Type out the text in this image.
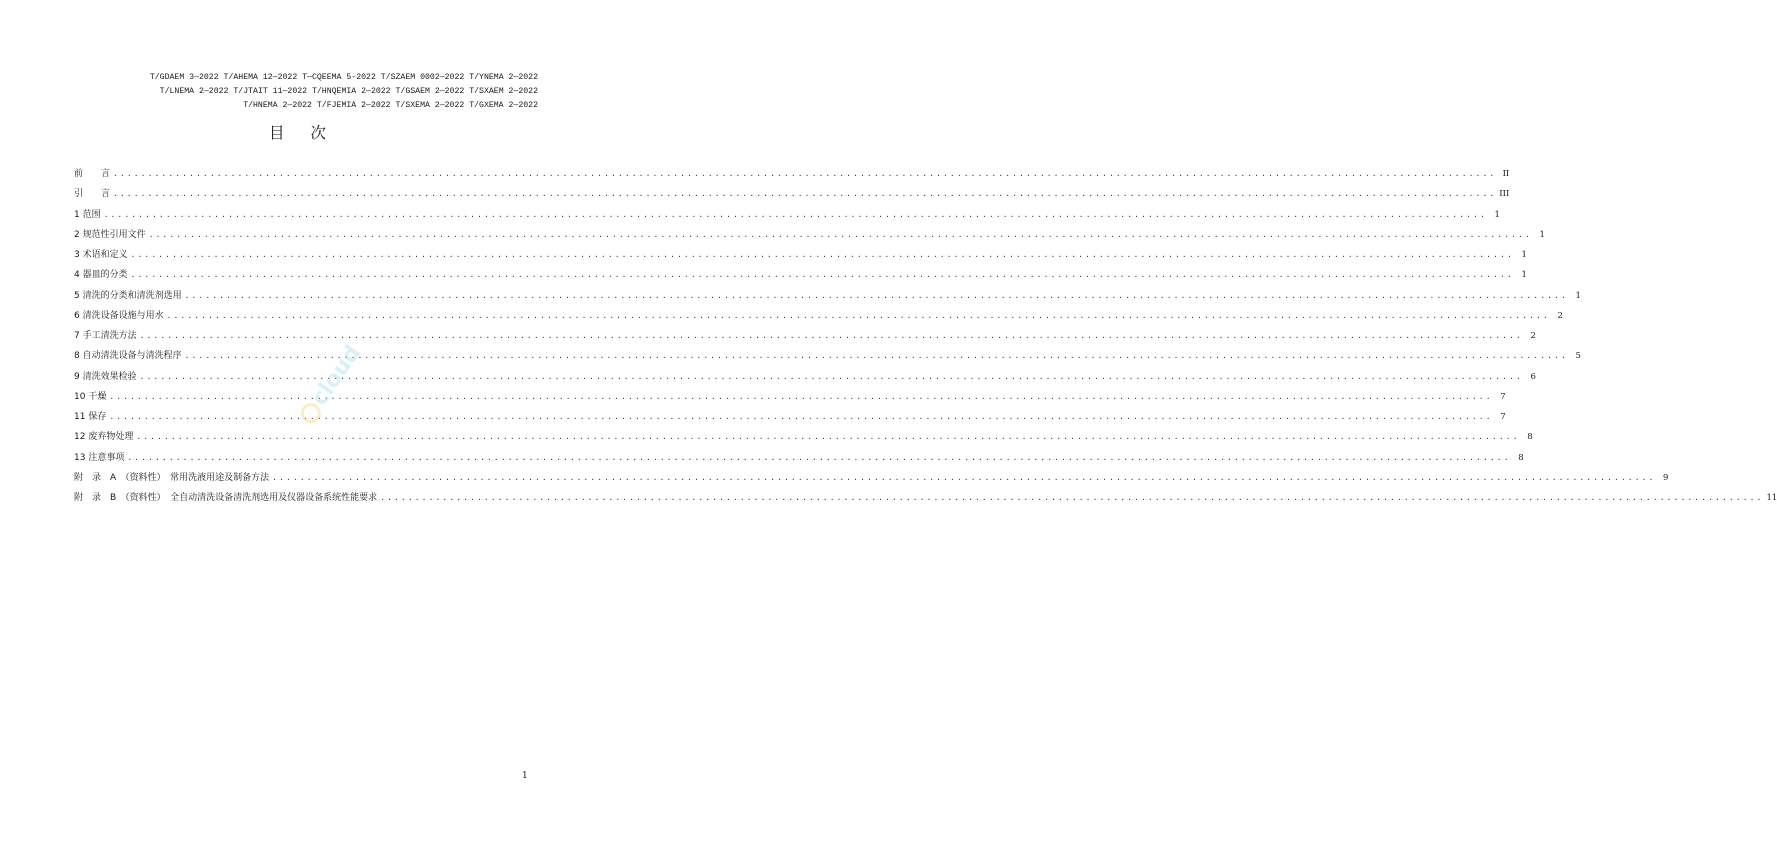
T/GDAEM 3—2022 T/AHEMA 12—2022 T—CQEEMA 5-2022 T/SZAEM 0002—2022 T/YNEMA 2—2022
T/LNEMA 2—2022 T/JTAIT 11—2022 T/HNQEMIA 2—2022 T/GSAEM 2—2022 T/SXAEM 2—2022
T/HNEMA 2—2022 T/FJEMIA 2—2022 T/SXEMA 2—2022 T/GXEMA 2—2022
目次
前　　言 ........................................................................................................................................................................................................ II
引　　言 ........................................................................................................................................................................................................ III
1 范围 ........................................................................................................................................................................................................ 1
2 规范性引用文件 ........................................................................................................................................................................................................ 1
3 术语和定义 ........................................................................................................................................................................................................ 1
4 器皿的分类 ........................................................................................................................................................................................................ 1
5 清洗的分类和清洗剂选用 ........................................................................................................................................................................................................ 1
6 清洗设备设施与用水 ........................................................................................................................................................................................................ 2
7 手工清洗方法 ........................................................................................................................................................................................................ 2
8 自动清洗设备与清洗程序 ........................................................................................................................................................................................................ 5
9 清洗效果检验 ........................................................................................................................................................................................................ 6
10 干燥 ........................................................................................................................................................................................................ 7
11 保存 ........................................................................................................................................................................................................ 7
12 废弃物处理 ........................................................................................................................................................................................................ 8
13 注意事项 ........................................................................................................................................................................................................ 8
附　录　A　（资料性）　常用洗液用途及制备方法 ........................................................................................................................................................................................................ 9
附　录　B　（资料性）　全自动清洗设备清洗剂选用及仪器设备系统性能要求 ........................................................................................................................................................................................................ 11
cloud
1
